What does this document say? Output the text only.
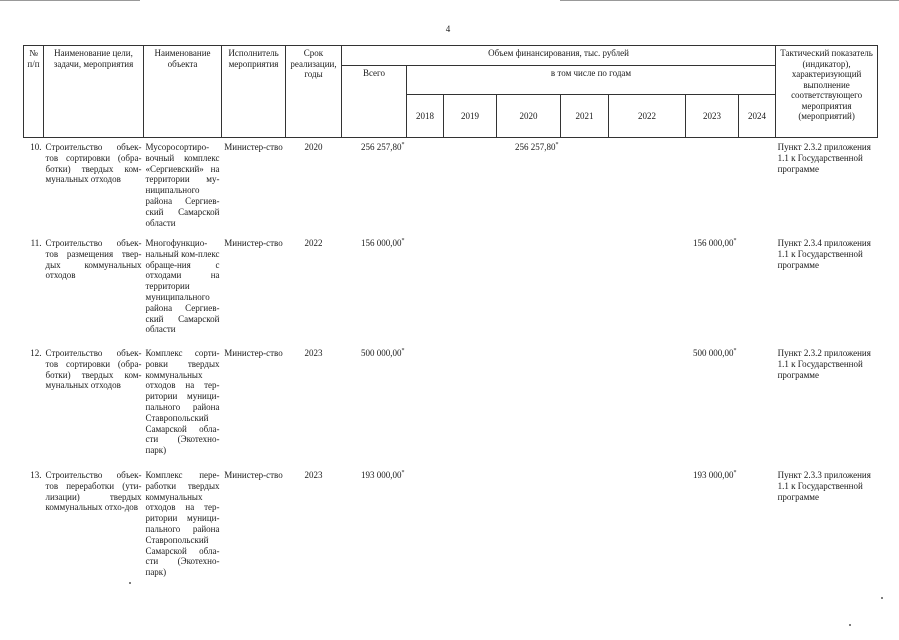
4
№ п/п	Наименование цели, задачи, мероприятия	Наименование объекта	Исполнитель мероприятия	Срок реализации, годы	Объем финансирования, тыс. рублей								Тактический показатель (индикатор), характеризующий выполнение соответствующего мероприятия (мероприятий)
					Всего	в том числе по годам							
						2018	2019	2020	2021	2022	2023	2024	
10.	Строительство объек-тов сортировки (обра-ботки) твердых ком-мунальных отходов	Мусоросортиро-вочный комплекс «Сергиевский» на территории му-ниципального района Сергиев-ский Самарской области	Министер-ство	2020	256 257,80*			256 257,80*					Пункт 2.3.2 приложения 1.1 к Государственной программе
11.	Строительство объек-тов размещения твер-дых коммунальных отходов	Многофункцио-нальный ком-плекс обраще-ния с отходами на территории муниципального района Сергиев-ский Самарской области	Министер-ство	2022	156 000,00*						156 000,00*		Пункт 2.3.4 приложения 1.1 к Государственной программе
12.	Строительство объек-тов сортировки (обра-ботки) твердых ком-мунальных отходов	Комплекс сорти-ровки твердых коммунальных отходов на тер-ритории муници-пального района Ставропольский Самарской обла-сти (Экотехно-парк)	Министер-ство	2023	500 000,00*						500 000,00*		Пункт 2.3.2 приложения 1.1 к Государственной программе
13.	Строительство объек-тов переработки (ути-лизации) твердых коммунальных отхо-дов	Комплекс пере-работки твердых коммунальных отходов на тер-ритории муници-пального района Ставропольский Самарской обла-сти (Экотехно-парк)	Министер-ство	2023	193 000,00*						193 000,00*		Пункт 2.3.3 приложения 1.1 к Государственной программе
